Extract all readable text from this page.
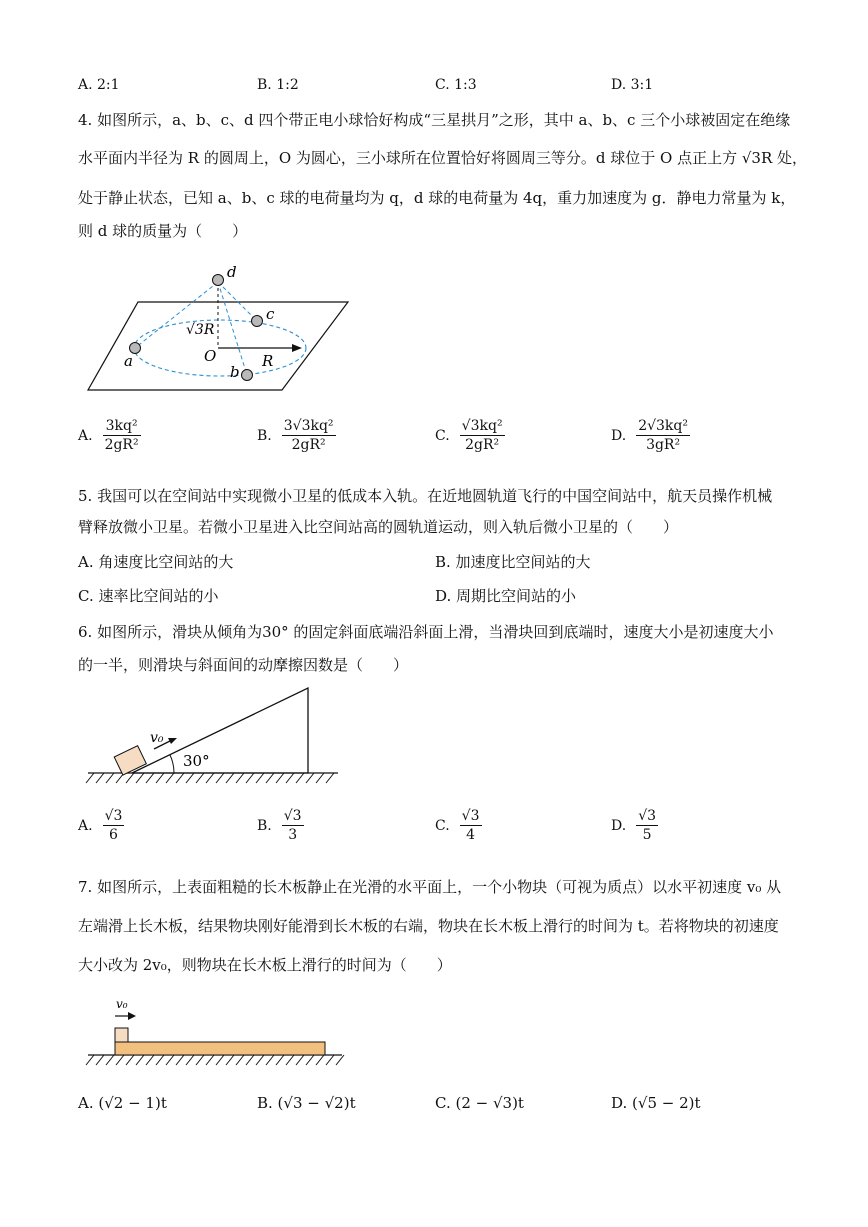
A. 2:1	B. 1:2	C. 1:3	D. 3:1
4. 如图所示，a、b、c、d 四个带正电小球恰好构成“三星拱月”之形，其中 a、b、c 三个小球被固定在绝缘
水平面内半径为 R 的圆周上，O 为圆心，三小球所在位置恰好将圆周三等分。d 球位于 O 点正上方 √3R 处，
处于静止状态，已知 a、b、c 球的电荷量均为 q，d 球的电荷量为 4q，重力加速度为 g．静电力常量为 k，
则 d 球的质量为（　　）
d
c
a
b
O	R
√3R
A. $\frac{\text{3kq²}}{\text{2gR²}}$	B. $\frac{\text{3√3kq²}}{\text{2gR²}}$	C. $\frac{\text{√3kq²}}{\text{2gR²}}$	D. $\frac{\text{2√3kq²}}{\text{3gR²}}$
5. 我国可以在空间站中实现微小卫星的低成本入轨。在近地圆轨道飞行的中国空间站中，航天员操作机械
臂释放微小卫星。若微小卫星进入比空间站高的圆轨道运动，则入轨后微小卫星的（　　）
A. 角速度比空间站的大	B. 加速度比空间站的大
C. 速率比空间站的小	D. 周期比空间站的小
6. 如图所示，滑块从倾角为30° 的固定斜面底端沿斜面上滑，当滑块回到底端时，速度大小是初速度大小
的一半，则滑块与斜面间的动摩擦因数是（　　）
v₀
30°
A. $\frac{√3}{6}$	B. $\frac{√3}{3}$	C. $\frac{√3}{4}$	D. $\frac{√3}{5}$
7. 如图所示，上表面粗糙的长木板静止在光滑的水平面上，一个小物块（可视为质点）以水平初速度 v₀ 从
左端滑上长木板，结果物块刚好能滑到长木板的右端，物块在长木板上滑行的时间为 t。若将物块的初速度
大小改为 2v₀，则物块在长木板上滑行的时间为（　　）
v₀
A. (√2 − 1)t	B. (√3 − √2)t	C. (2 − √3)t	D. (√5 − 2)t
